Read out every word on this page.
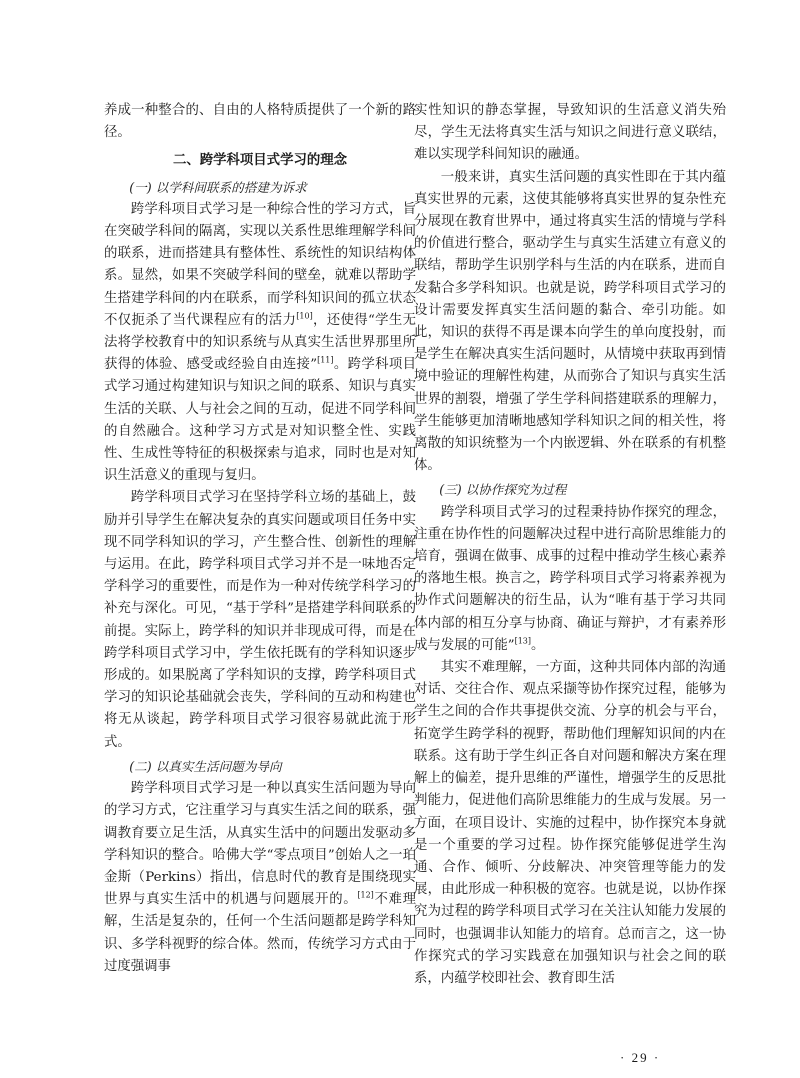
养成一种整合的、自由的人格特质提供了一个新的路径。

二、跨学科项目式学习的理念

(一) 以学科间联系的搭建为诉求

跨学科项目式学习是一种综合性的学习方式，旨在突破学科间的隔离，实现以关系性思维理解学科间的联系，进而搭建具有整体性、系统性的知识结构体系。显然，如果不突破学科间的壁垒，就难以帮助学生搭建学科间的内在联系，而学科知识间的孤立状态不仅扼杀了当代课程应有的活力[10]，还使得“学生无法将学校教育中的知识系统与从真实生活世界那里所获得的体验、感受或经验自由连接”[11]。跨学科项目式学习通过构建知识与知识之间的联系、知识与真实生活的关联、人与社会之间的互动，促进不同学科间的自然融合。这种学习方式是对知识整全性、实践性、生成性等特征的积极探索与追求，同时也是对知识生活意义的重现与复归。

跨学科项目式学习在坚持学科立场的基础上，鼓励并引导学生在解决复杂的真实问题或项目任务中实现不同学科知识的学习，产生整合性、创新性的理解与运用。在此，跨学科项目式学习并不是一味地否定学科学习的重要性，而是作为一种对传统学科学习的补充与深化。可见，“基于学科”是搭建学科间联系的前提。实际上，跨学科的知识并非现成可得，而是在跨学科项目式学习中，学生依托既有的学科知识逐步形成的。如果脱离了学科知识的支撑，跨学科项目式学习的知识论基础就会丧失，学科间的互动和构建也将无从谈起，跨学科项目式学习很容易就此流于形式。

(二) 以真实生活问题为导向

跨学科项目式学习是一种以真实生活问题为导向的学习方式，它注重学习与真实生活之间的联系，强调教育要立足生活，从真实生活中的问题出发驱动多学科知识的整合。哈佛大学“零点项目”创始人之一珀金斯（Perkins）指出，信息时代的教育是围绕现实世界与真实生活中的机遇与问题展开的。[12]不难理解，生活是复杂的，任何一个生活问题都是跨学科知识、多学科视野的综合体。然而，传统学习方式由于过度强调事

实性知识的静态掌握，导致知识的生活意义消失殆尽，学生无法将真实生活与知识之间进行意义联结，难以实现学科间知识的融通。

一般来讲，真实生活问题的真实性即在于其内蕴真实世界的元素，这使其能够将真实世界的复杂性充分展现在教育世界中，通过将真实生活的情境与学科的价值进行整合，驱动学生与真实生活建立有意义的联结，帮助学生识别学科与生活的内在联系，进而自发黏合多学科知识。也就是说，跨学科项目式学习的设计需要发挥真实生活问题的黏合、牵引功能。如此，知识的获得不再是课本向学生的单向度投射，而是学生在解决真实生活问题时，从情境中获取再到情境中验证的理解性构建，从而弥合了知识与真实生活世界的割裂，增强了学生学科间搭建联系的理解力，学生能够更加清晰地感知学科知识之间的相关性，将离散的知识统整为一个内嵌逻辑、外在联系的有机整体。

(三) 以协作探究为过程

跨学科项目式学习的过程秉持协作探究的理念，注重在协作性的问题解决过程中进行高阶思维能力的培育，强调在做事、成事的过程中推动学生核心素养的落地生根。换言之，跨学科项目式学习将素养视为协作式问题解决的衍生品，认为“唯有基于学习共同体内部的相互分享与协商、确证与辩护，才有素养形成与发展的可能”[13]。

其实不难理解，一方面，这种共同体内部的沟通对话、交往合作、观点采撷等协作探究过程，能够为学生之间的合作共事提供交流、分享的机会与平台，拓宽学生跨学科的视野，帮助他们理解知识间的内在联系。这有助于学生纠正各自对问题和解决方案在理解上的偏差，提升思维的严谨性，增强学生的反思批判能力，促进他们高阶思维能力的生成与发展。另一方面，在项目设计、实施的过程中，协作探究本身就是一个重要的学习过程。协作探究能够促进学生沟通、合作、倾听、分歧解决、冲突管理等能力的发展，由此形成一种积极的宽容。也就是说，以协作探究为过程的跨学科项目式学习在关注认知能力发展的同时，也强调非认知能力的培育。总而言之，这一协作探究式的学习实践意在加强知识与社会之间的联系，内蕴学校即社会、教育即生活

· 29 ·
